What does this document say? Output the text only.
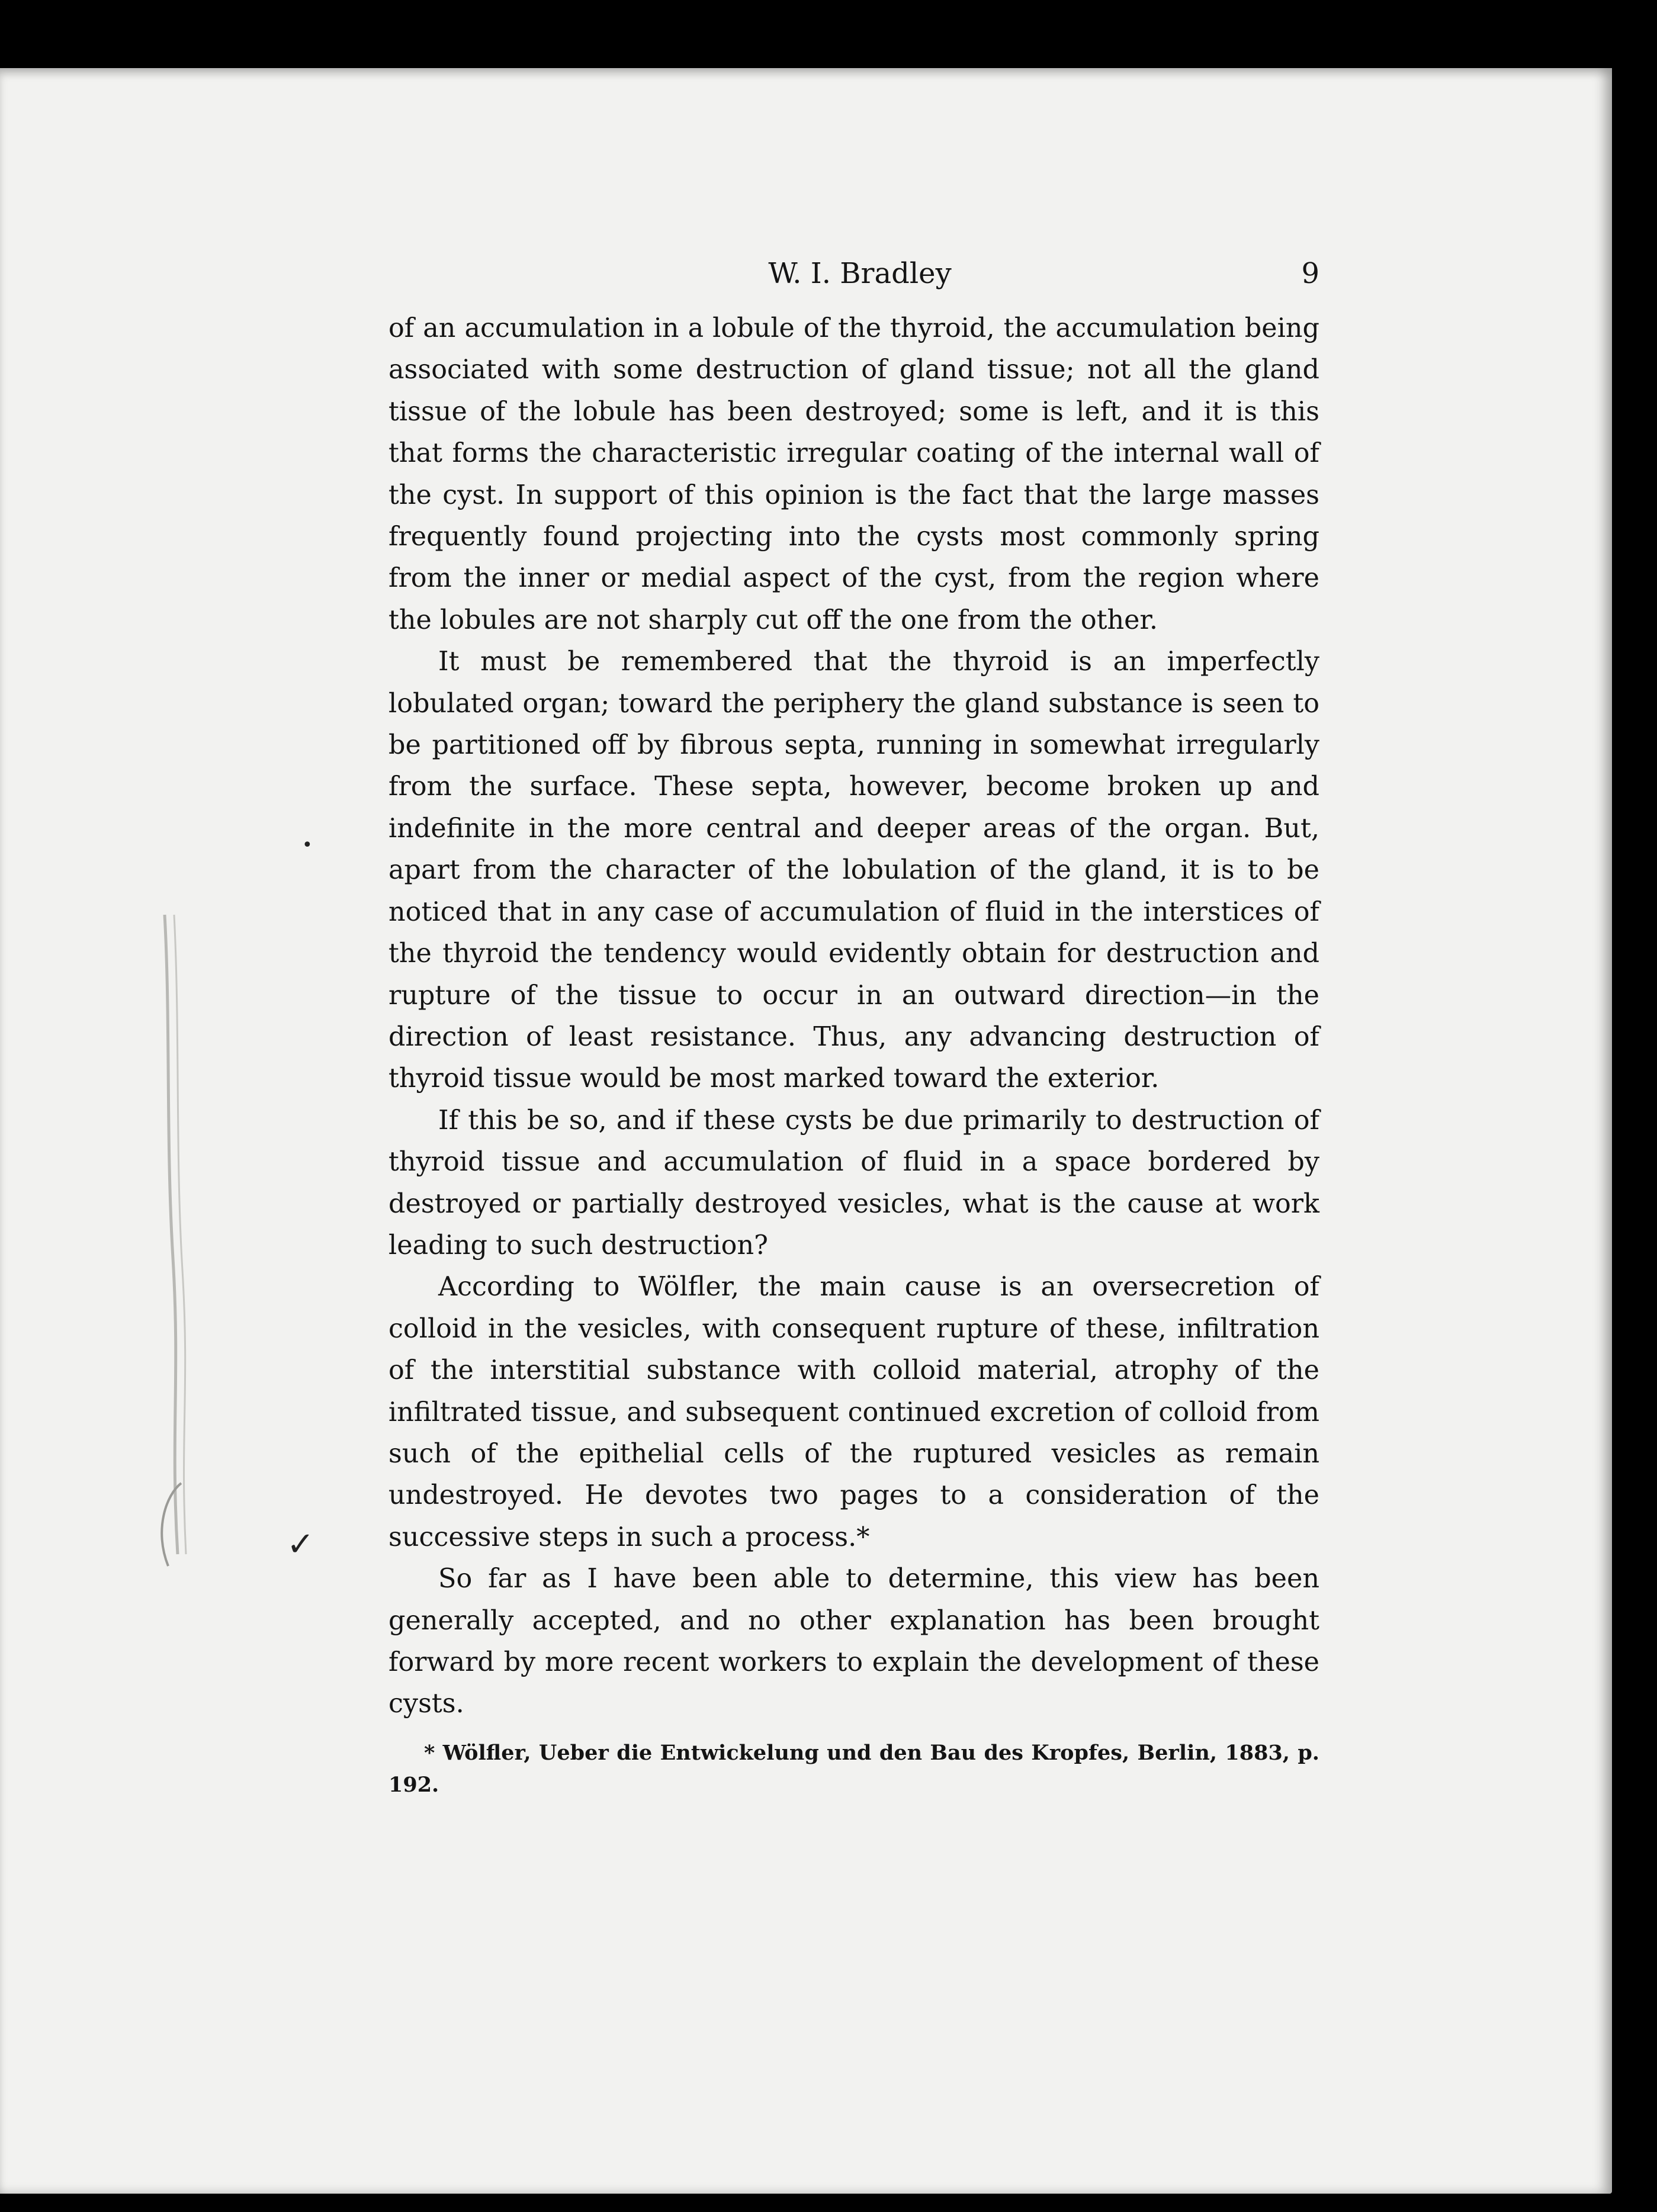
✓
•
W. I. Bradley	9

of an accumulation in a lobule of the thyroid, the accumulation being associated with some destruction of gland tissue; not all the gland tissue of the lobule has been destroyed; some is left, and it is this that forms the characteristic irregular coating of the internal wall of the cyst. In support of this opinion is the fact that the large masses frequently found projecting into the cysts most commonly spring from the inner or medial aspect of the cyst, from the region where the lobules are not sharply cut off the one from the other.

It must be remembered that the thyroid is an imperfectly lobulated organ; toward the periphery the gland substance is seen to be partitioned off by fibrous septa, running in somewhat irregularly from the surface. These septa, however, become broken up and indefinite in the more central and deeper areas of the organ. But, apart from the character of the lobulation of the gland, it is to be noticed that in any case of accumulation of fluid in the interstices of the thyroid the tendency would evidently obtain for destruction and rupture of the tissue to occur in an outward direction—in the direction of least resistance. Thus, any advancing destruction of thyroid tissue would be most marked toward the exterior.

If this be so, and if these cysts be due primarily to destruction of thyroid tissue and accumulation of fluid in a space bordered by destroyed or partially destroyed vesicles, what is the cause at work leading to such destruction?

According to Wölfler, the main cause is an oversecretion of colloid in the vesicles, with consequent rupture of these, infiltration of the interstitial substance with colloid material, atrophy of the infiltrated tissue, and subsequent continued excretion of colloid from such of the epithelial cells of the ruptured vesicles as remain undestroyed. He devotes two pages to a consideration of the successive steps in such a process.*

So far as I have been able to determine, this view has been generally accepted, and no other explanation has been brought forward by more recent workers to explain the development of these cysts.

* Wölfler, Ueber die Entwickelung und den Bau des Kropfes, Berlin, 1883, p. 192.
